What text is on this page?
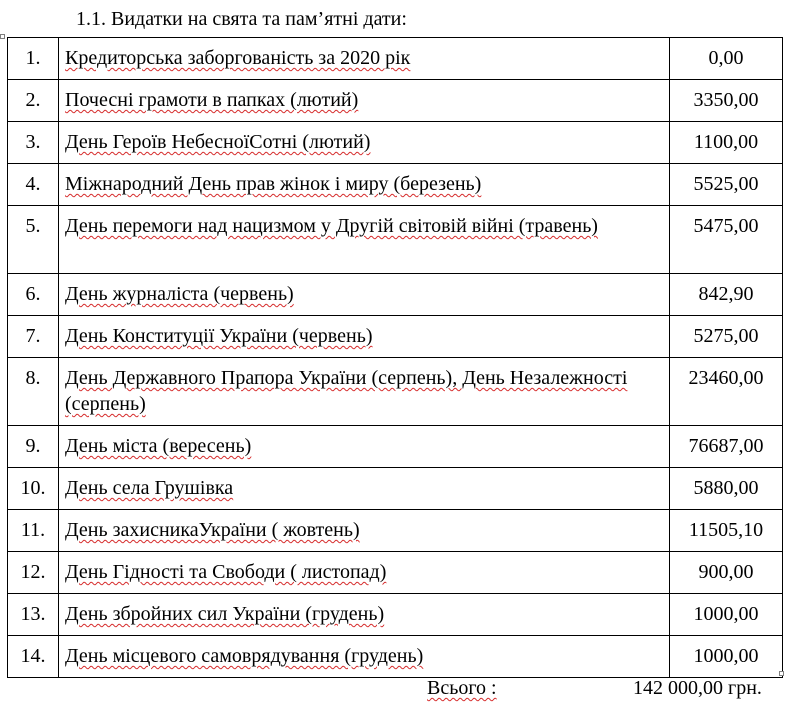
1.1. Видатки на свята та пам’ятні дати:
1.	Кредиторська заборгованість за 2020 рік	0,00
2.	Почесні грамоти в папках (лютий)	3350,00
3.	День Героїв НебесноїСотні (лютий)	1100,00
4.	Міжнародний День прав жінок і миру (березень)	5525,00
5.	День перемоги над нацизмом у Другій світовій війні (травень)	5475,00
6.	День журналіста (червень)	842,90
7.	День Конституції України (червень)	5275,00
8.	День Державного Прапора України (серпень), День Незалежності (серпень)	23460,00
9.	День міста (вересень)	76687,00
10.	День села Грушівка	5880,00
11.	День захисникаУкраїни ( жовтень)	11505,10
12.	День Гідності та Свободи ( листопад)	900,00
13.	День збройних сил України (грудень)	1000,00
14.	День місцевого самоврядування (грудень)	1000,00
Всього :	142 000,00 грн.
